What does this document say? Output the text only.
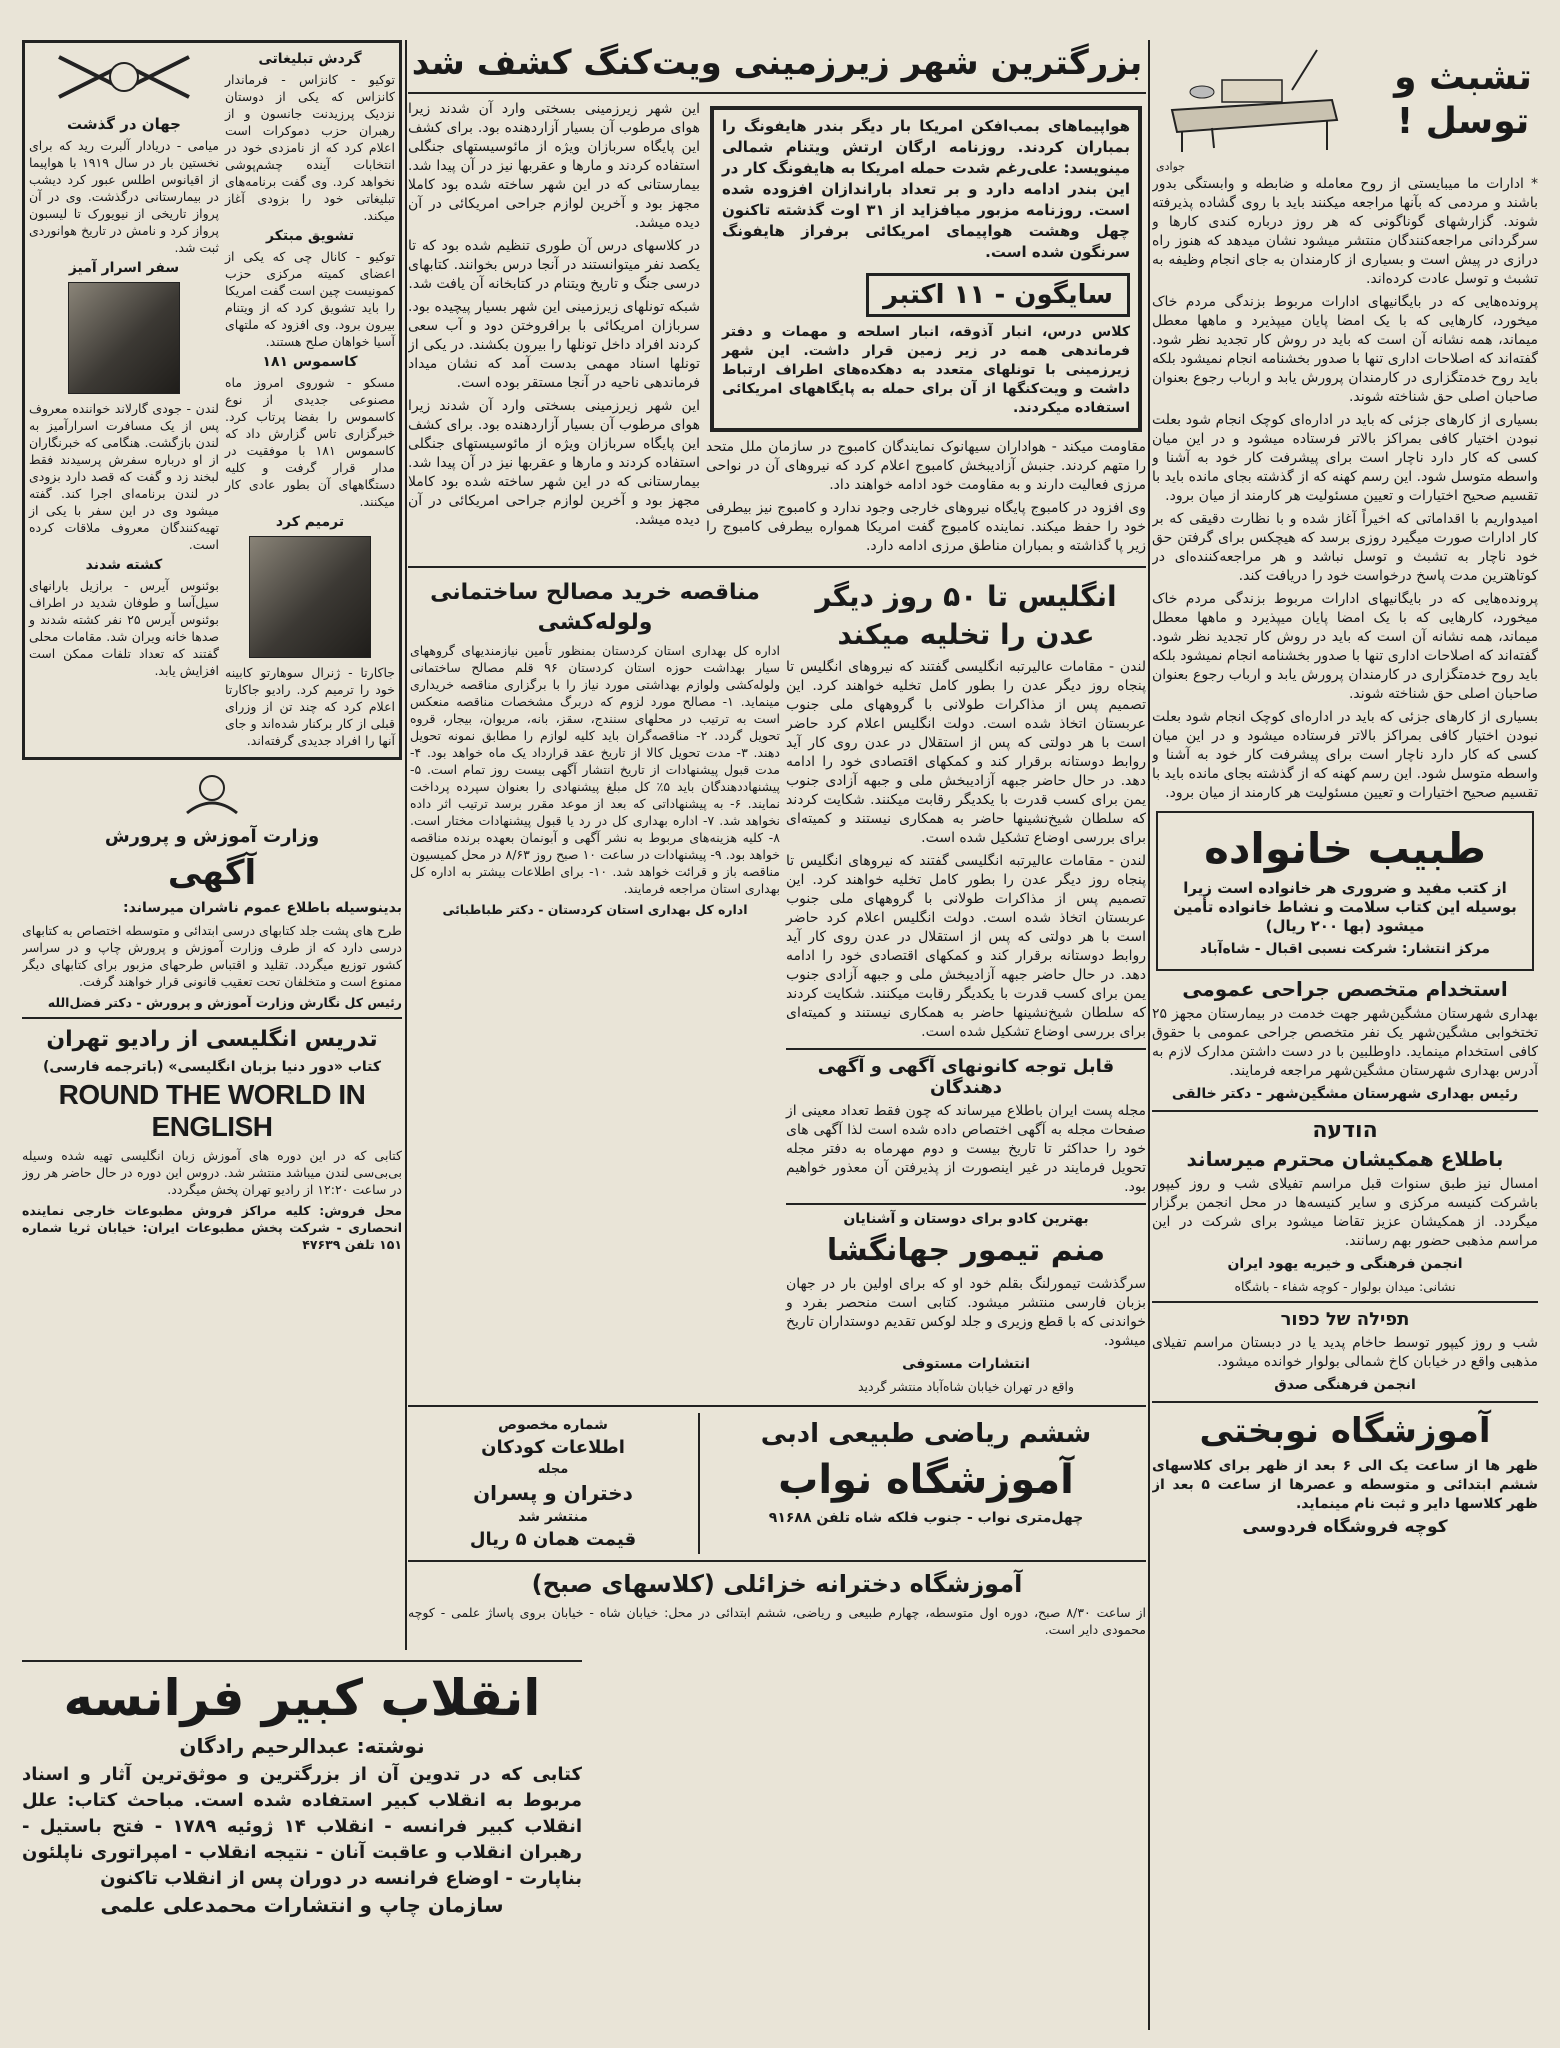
تشبث و توسل !
جوادی

* ادارات ما میبایستی از روح معامله و ضابطه و وابستگی بدور باشند و مردمی که بآنها مراجعه میکنند باید با روی گشاده پذیرفته شوند. گزارشهای گوناگونی که هر روز درباره کندی کارها و سرگردانی مراجعه‌کنندگان منتشر میشود نشان میدهد که هنوز راه درازی در پیش است و بسیاری از کارمندان به جای انجام وظیفه به تشبث و توسل عادت کرده‌اند.

پرونده‌هایی که در بایگانیهای ادارات مربوط بزندگی مردم خاک میخورد، کارهایی که با یک امضا پایان میپذیرد و ماهها معطل میماند، همه نشانه آن است که باید در روش کار تجدید نظر شود. گفته‌اند که اصلاحات اداری تنها با صدور بخشنامه انجام نمیشود بلکه باید روح خدمتگزاری در کارمندان پرورش یابد و ارباب رجوع بعنوان صاحبان اصلی حق شناخته شوند.

بسیاری از کارهای جزئی که باید در اداره‌ای کوچک انجام شود بعلت نبودن اختیار کافی بمراکز بالاتر فرستاده میشود و در این میان کسی که کار دارد ناچار است برای پیشرفت کار خود به آشنا و واسطه متوسل شود. این رسم کهنه که از گذشته بجای مانده باید با تقسیم صحیح اختیارات و تعیین مسئولیت هر کارمند از میان برود.

امیدواریم با اقداماتی که اخیراً آغاز شده و با نظارت دقیقی که بر کار ادارات صورت میگیرد روزی برسد که هیچکس برای گرفتن حق خود ناچار به تشبث و توسل نباشد و هر مراجعه‌کننده‌ای در کوتاهترین مدت پاسخ درخواست خود را دریافت کند.

پرونده‌هایی که در بایگانیهای ادارات مربوط بزندگی مردم خاک میخورد، کارهایی که با یک امضا پایان میپذیرد و ماهها معطل میماند، همه نشانه آن است که باید در روش کار تجدید نظر شود. گفته‌اند که اصلاحات اداری تنها با صدور بخشنامه انجام نمیشود بلکه باید روح خدمتگزاری در کارمندان پرورش یابد و ارباب رجوع بعنوان صاحبان اصلی حق شناخته شوند.

بسیاری از کارهای جزئی که باید در اداره‌ای کوچک انجام شود بعلت نبودن اختیار کافی بمراکز بالاتر فرستاده میشود و در این میان کسی که کار دارد ناچار است برای پیشرفت کار خود به آشنا و واسطه متوسل شود. این رسم کهنه که از گذشته بجای مانده باید با تقسیم صحیح اختیارات و تعیین مسئولیت هر کارمند از میان برود.

طبیب خانواده

از کتب مفید و ضروری هر خانواده است زیرا بوسیله این کتاب سلامت و نشاط خانواده تأمین میشود (بها ۲۰۰ ریال)

مرکز انتشار: شرکت نسبی اقبال - شاه‌آباد

استخدام متخصص جراحی عمومی

بهداری شهرستان مشگین‌شهر جهت خدمت در بیمارستان مجهز ۲۵ تختخوابی مشگین‌شهر یک نفر متخصص جراحی عمومی با حقوق کافی استخدام مینماید. داوطلبین با در دست داشتن مدارک لازم به آدرس بهداری شهرستان مشگین‌شهر مراجعه فرمایند.

رئیس بهداری شهرستان مشگین‌شهر - دکتر خالقی

הודעה
باطلاع همکیشان محترم میرساند

امسال نیز طبق سنوات قبل مراسم تفیلای شب و روز کیپور باشرکت کنیسه مرکزی و سایر کنیسه‌ها در محل انجمن برگزار میگردد. از همکیشان عزیز تقاضا میشود برای شرکت در این مراسم مذهبی حضور بهم رسانند.

انجمن فرهنگی و خیریه یهود ایران

نشانی: میدان بولوار - کوچه شفاء - باشگاه

תפילה של כפור

شب و روز کیپور توسط حاخام پدید یا در دبستان مراسم تفیلای مذهبی واقع در خیابان کاخ شمالی بولوار خوانده میشود.

انجمن فرهنگی صدق

آموزشگاه نوبختی

ظهر ها از ساعت یک الی ۶ بعد از ظهر برای کلاسهای ششم ابتدائی و متوسطه و عصرها از ساعت ۵ بعد از ظهر کلاسها دایر و ثبت نام مینماید.

کوچه فروشگاه فردوسی

بزرگترین شهر زیرزمینی ویت‌کنگ کشف شد

هواپیماهای بمب‌افکن امریکا بار دیگر بندر هایفونگ را بمباران کردند. روزنامه ارگان ارتش ویتنام شمالی مینویسد: علی‌رغم شدت حمله امریکا به هایفونگ کار در این بندر ادامه دارد و بر تعداد باراندازان افزوده شده است. روزنامه مزبور میافزاید از ۳۱ اوت گذشته تاکنون چهل وهشت هواپیمای امریکائی برفراز هایفونگ سرنگون شده است.

سایگون - ۱۱ اکتبر

کلاس درس، انبار آذوقه، انبار اسلحه و مهمات و دفتر فرماندهی همه در زیر زمین قرار داشت. این شهر زیرزمینی با تونلهای متعدد به دهکده‌های اطراف ارتباط داشت و ویت‌کنگها از آن برای حمله به پایگاههای امریکائی استفاده میکردند.

مقاومت میکند - هواداران سیهانوک نمایندگان کامبوج در سازمان ملل متحد را متهم کردند. جنبش آزادیبخش کامبوج اعلام کرد که نیروهای آن در نواحی مرزی فعالیت دارند و به مقاومت خود ادامه خواهند داد.

وی افزود در کامبوج پایگاه نیروهای خارجی وجود ندارد و کامبوج نیز بیطرفی خود را حفظ میکند. نماینده کامبوج گفت امریکا همواره بیطرفی کامبوج را زیر پا گذاشته و بمباران مناطق مرزی ادامه دارد.

این شهر زیرزمینی بسختی وارد آن شدند زیرا هوای مرطوب آن بسیار آزاردهنده بود. برای کشف این پایگاه سربازان ویژه از مائوسیستهای جنگلی استفاده کردند و مارها و عقربها نیز در آن پیدا شد. بیمارستانی که در این شهر ساخته شده بود کاملا مجهز بود و آخرین لوازم جراحی امریکائی در آن دیده میشد.

در کلاسهای درس آن طوری تنظیم شده بود که تا یکصد نفر میتوانستند در آنجا درس بخوانند. کتابهای درسی جنگ و تاریخ ویتنام در کتابخانه آن یافت شد.

شبکه تونلهای زیرزمینی این شهر بسیار پیچیده بود. سربازان امریکائی با برافروختن دود و آب سعی کردند افراد داخل تونلها را بیرون بکشند. در یکی از تونلها اسناد مهمی بدست آمد که نشان میداد فرماندهی ناحیه در آنجا مستقر بوده است.

این شهر زیرزمینی بسختی وارد آن شدند زیرا هوای مرطوب آن بسیار آزاردهنده بود. برای کشف این پایگاه سربازان ویژه از مائوسیستهای جنگلی استفاده کردند و مارها و عقربها نیز در آن پیدا شد. بیمارستانی که در این شهر ساخته شده بود کاملا مجهز بود و آخرین لوازم جراحی امریکائی در آن دیده میشد.

انگلیس تا ۵۰ روز دیگر عدن را تخلیه میکند

لندن - مقامات عالیرتبه انگلیسی گفتند که نیروهای انگلیس تا پنجاه روز دیگر عدن را بطور کامل تخلیه خواهند کرد. این تصمیم پس از مذاکرات طولانی با گروههای ملی جنوب عربستان اتخاذ شده است. دولت انگلیس اعلام کرد حاضر است با هر دولتی که پس از استقلال در عدن روی کار آید روابط دوستانه برقرار کند و کمکهای اقتصادی خود را ادامه دهد. در حال حاضر جبهه آزادیبخش ملی و جبهه آزادی جنوب یمن برای کسب قدرت با یکدیگر رقابت میکنند. شکایت کردند که سلطان شیخ‌نشینها حاضر به همکاری نیستند و کمیته‌ای برای بررسی اوضاع تشکیل شده است.

لندن - مقامات عالیرتبه انگلیسی گفتند که نیروهای انگلیس تا پنجاه روز دیگر عدن را بطور کامل تخلیه خواهند کرد. این تصمیم پس از مذاکرات طولانی با گروههای ملی جنوب عربستان اتخاذ شده است. دولت انگلیس اعلام کرد حاضر است با هر دولتی که پس از استقلال در عدن روی کار آید روابط دوستانه برقرار کند و کمکهای اقتصادی خود را ادامه دهد. در حال حاضر جبهه آزادیبخش ملی و جبهه آزادی جنوب یمن برای کسب قدرت با یکدیگر رقابت میکنند. شکایت کردند که سلطان شیخ‌نشینها حاضر به همکاری نیستند و کمیته‌ای برای بررسی اوضاع تشکیل شده است.

قابل توجه کانونهای آگهی و آگهی دهندگان

مجله پست ایران باطلاع میرساند که چون فقط تعداد معینی از صفحات مجله به آگهی اختصاص داده شده است لذا آگهی های خود را حداکثر تا تاریخ بیست و دوم مهرماه به دفتر مجله تحویل فرمایند در غیر اینصورت از پذیرفتن آن معذور خواهیم بود.

بهترین کادو برای دوستان و آشنایان
منم تیمور جهانگشا

سرگذشت تیمورلنگ بقلم خود او که برای اولین بار در جهان بزبان فارسی منتشر میشود. کتابی است منحصر بفرد و خواندنی که با قطع وزیری و جلد لوکس تقدیم دوستداران تاریخ میشود.

انتشارات مستوفی

واقع در تهران خیابان شاه‌آباد منتشر گردید

مناقصه خرید مصالح ساختمانی ولوله‌کشی

اداره کل بهداری استان کردستان بمنظور تأمین نیازمندیهای گروههای سیار بهداشت حوزه استان کردستان ۹۶ قلم مصالح ساختمانی ولوله‌کشی ولوازم بهداشتی مورد نیاز را با برگزاری مناقصه خریداری مینماید. ۱- مصالح مورد لزوم که دربرگ مشخصات مناقصه منعکس است به ترتیب در محلهای سنندج، سقز، بانه، مریوان، بیجار، قروه تحویل گردد. ۲- مناقصه‌گران باید کلیه لوازم را مطابق نمونه تحویل دهند. ۳- مدت تحویل کالا از تاریخ عقد قرارداد یک ماه خواهد بود. ۴- مدت قبول پیشنهادات از تاریخ انتشار آگهی بیست روز تمام است. ۵- پیشنهاددهندگان باید ۵٪ کل مبلغ پیشنهادی را بعنوان سپرده پرداخت نمایند. ۶- به پیشنهاداتی که بعد از موعد مقرر برسد ترتیب اثر داده نخواهد شد. ۷- اداره بهداری کل در رد یا قبول پیشنهادات مختار است. ۸- کلیه هزینه‌های مربوط به نشر آگهی و آبونمان بعهده برنده مناقصه خواهد بود. ۹- پیشنهادات در ساعت ۱۰ صبح روز ۸/۶۳ در محل کمیسیون مناقصه باز و قرائت خواهد شد. ۱۰- برای اطلاعات بیشتر به اداره کل بهداری استان مراجعه فرمایند.

اداره کل بهداری استان کردستان - دکتر طباطبائی

ششم ریاضی طبیعی ادبی
آموزشگاه نواب

چهل‌متری نواب - جنوب فلکه شاه تلفن ۹۱۶۸۸

شماره مخصوص
اطلاعات کودکان
مجله
دختران و پسران
منتشر شد
قیمت همان ۵ ریال
آموزشگاه دخترانه خزائلی (کلاسهای صبح)

از ساعت ۸/۳۰ صبح، دوره اول متوسطه، چهارم طبیعی و ریاضی، ششم ابتدائی در محل: خیابان شاه - خیابان بروی پاساژ علمی - کوچه محمودی دایر است.

گردش تبلیغاتی

توکیو - کانزاس - فرماندار کانزاس که یکی از دوستان نزدیک پرزیدنت جانسون و از رهبران حزب دموکرات است اعلام کرد که از نامزدی خود در انتخابات آینده چشم‌پوشی نخواهد کرد. وی گفت برنامه‌های تبلیغاتی خود را بزودی آغاز میکند.

تشویق مبتکر

توکیو - کانال چی که یکی از اعضای کمیته مرکزی حزب کمونیست چین است گفت امریکا را باید تشویق کرد که از ویتنام بیرون برود. وی افزود که ملتهای آسیا خواهان صلح هستند.

کاسموس ۱۸۱

مسکو - شوروی امروز ماه مصنوعی جدیدی از نوع کاسموس را بفضا پرتاب کرد. خبرگزاری تاس گزارش داد که کاسموس ۱۸۱ با موفقیت در مدار قرار گرفت و کلیه دستگاههای آن بطور عادی کار میکنند.

ترمیم کرد

جاکارتا - ژنرال سوهارتو کابینه خود را ترمیم کرد. رادیو جاکارتا اعلام کرد که چند تن از وزرای قبلی از کار برکنار شده‌اند و جای آنها را افراد جدیدی گرفته‌اند.

جهان در گذشت

میامی - دریادار آلبرت رید که برای نخستین بار در سال ۱۹۱۹ با هواپیما از اقیانوس اطلس عبور کرد دیشب در بیمارستانی درگذشت. وی در آن پرواز تاریخی از نیویورک تا لیسبون پرواز کرد و نامش در تاریخ هوانوردی ثبت شد.

سفر اسرار آمیز

لندن - جودی گارلاند خواننده معروف پس از یک مسافرت اسرارآمیز به لندن بازگشت. هنگامی که خبرنگاران از او درباره سفرش پرسیدند فقط لبخند زد و گفت که قصد دارد بزودی در لندن برنامه‌ای اجرا کند. گفته میشود وی در این سفر با یکی از تهیه‌کنندگان معروف ملاقات کرده است.

کشته شدند

بوئنوس آیرس - برازیل بارانهای سیل‌آسا و طوفان شدید در اطراف بوئنوس آیرس ۲۵ نفر کشته شدند و صدها خانه ویران شد. مقامات محلی گفتند که تعداد تلفات ممکن است افزایش یابد.

وزارت آموزش و پرورش
آگهی

بدینوسیله باطلاع عموم ناشران میرساند:

طرح های پشت جلد کتابهای درسی ابتدائی و متوسطه اختصاص به کتابهای درسی دارد که از طرف وزارت آموزش و پرورش چاپ و در سراسر کشور توزیع میگردد. تقلید و اقتباس طرحهای مزبور برای کتابهای دیگر ممنوع است و متخلفان تحت تعقیب قانونی قرار خواهند گرفت.

رئیس کل نگارش وزارت آموزش و پرورش - دکتر فضل‌الله

تدریس انگلیسی از رادیو تهران
کتاب «دور دنیا بزبان انگلیسی» (باترجمه فارسی)
ROUND THE WORLD IN ENGLISH

کتابی که در این دوره های آموزش زبان انگلیسی تهیه شده وسیله بی‌بی‌سی لندن میباشد منتشر شد. دروس این دوره در حال حاضر هر روز در ساعت ۱۲:۲۰ از رادیو تهران پخش میگردد.

محل فروش: کلیه مراکز فروش مطبوعات خارجی نماینده انحصاری - شرکت پخش مطبوعات ایران: خیابان ثریا شماره ۱۵۱ تلفن ۴۷۶۳۹

انقلاب کبیر فرانسه
نوشته: عبدالرحیم رادگان

کتابی که در تدوین آن از بزرگترین و موثق‌ترین آثار و اسناد مربوط به انقلاب کبیر استفاده شده است. مباحث کتاب: علل انقلاب کبیر فرانسه - انقلاب ۱۴ ژوئیه ۱۷۸۹ - فتح باستیل - رهبران انقلاب و عاقبت آنان - نتیجه انقلاب - امپراتوری ناپلئون بناپارت - اوضاع فرانسه در دوران پس از انقلاب تاکنون

سازمان چاپ و انتشارات محمدعلی علمی
